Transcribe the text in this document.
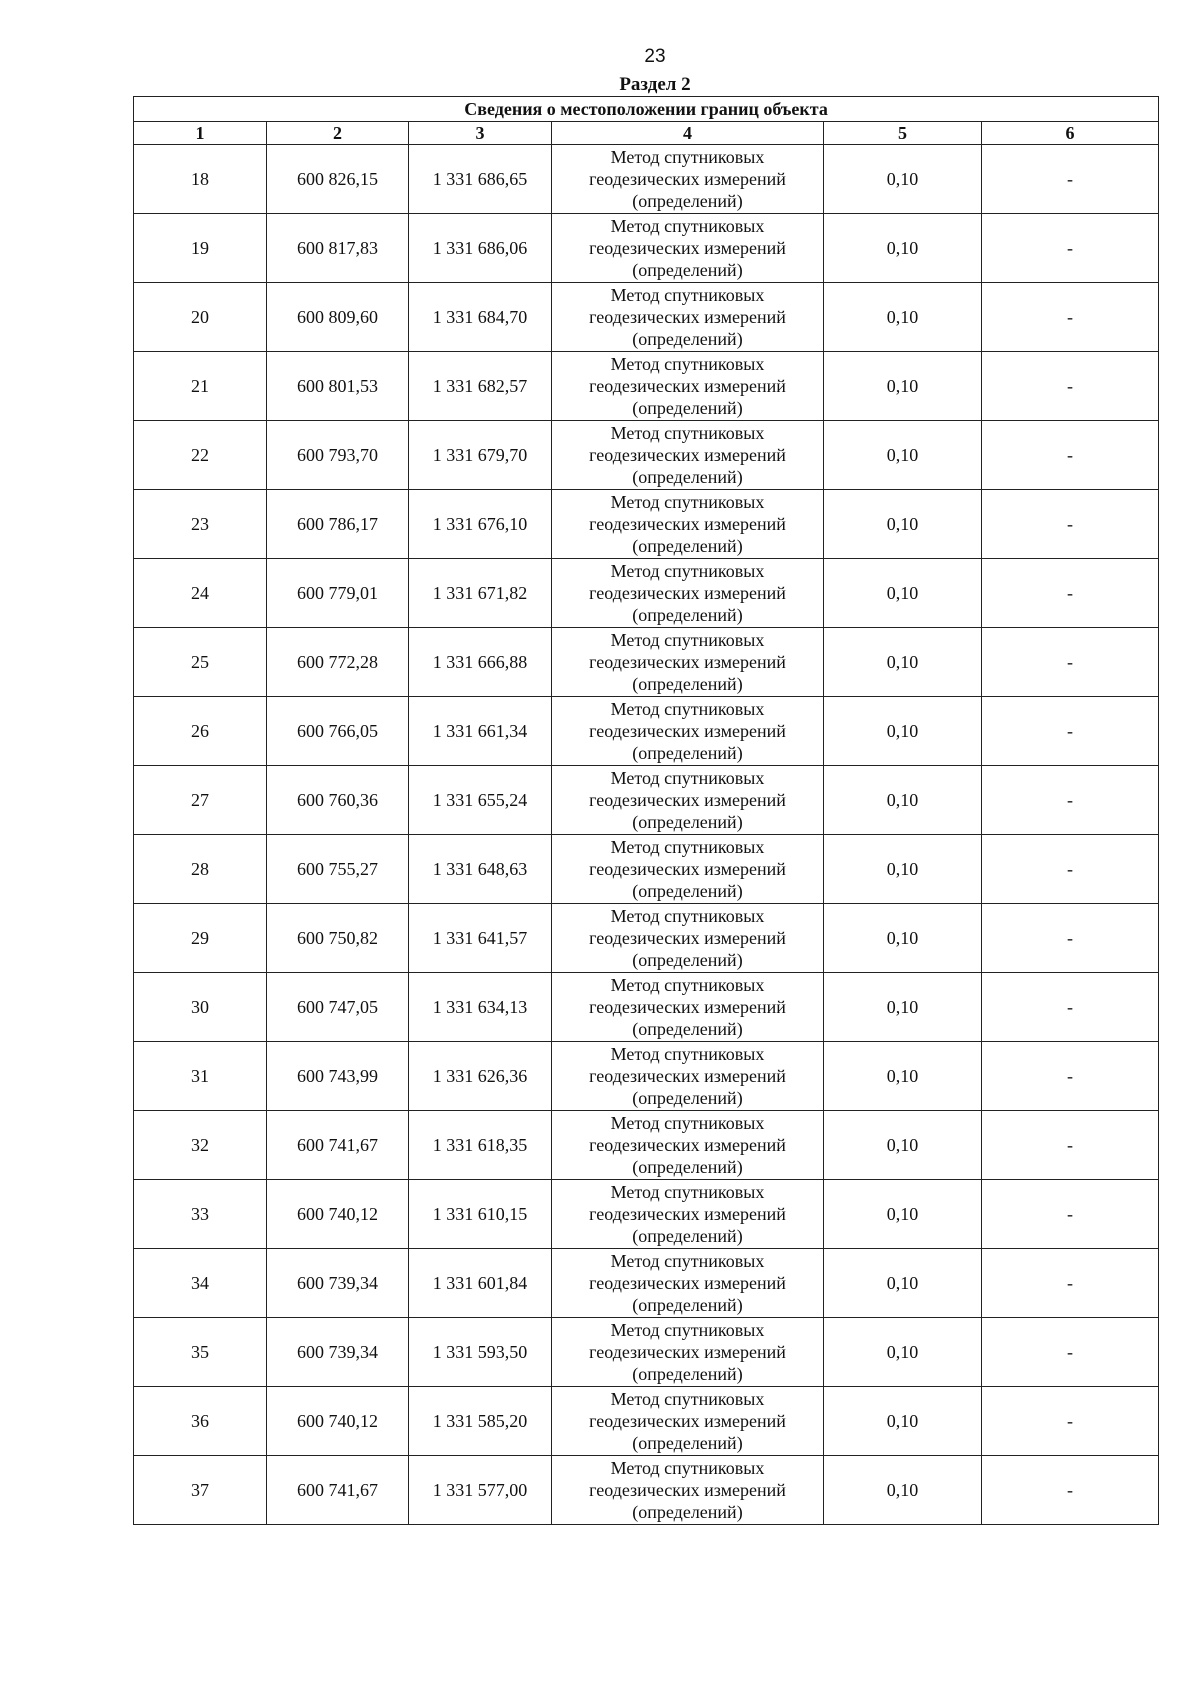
23
Раздел 2
Сведения о местоположении границ объекта					
1	2	3	4	5	6
18	600 826,15	1 331 686,65	Метод спутниковых
геодезических измерений
(определений)	0,10	-
19	600 817,83	1 331 686,06	Метод спутниковых
геодезических измерений
(определений)	0,10	-
20	600 809,60	1 331 684,70	Метод спутниковых
геодезических измерений
(определений)	0,10	-
21	600 801,53	1 331 682,57	Метод спутниковых
геодезических измерений
(определений)	0,10	-
22	600 793,70	1 331 679,70	Метод спутниковых
геодезических измерений
(определений)	0,10	-
23	600 786,17	1 331 676,10	Метод спутниковых
геодезических измерений
(определений)	0,10	-
24	600 779,01	1 331 671,82	Метод спутниковых
геодезических измерений
(определений)	0,10	-
25	600 772,28	1 331 666,88	Метод спутниковых
геодезических измерений
(определений)	0,10	-
26	600 766,05	1 331 661,34	Метод спутниковых
геодезических измерений
(определений)	0,10	-
27	600 760,36	1 331 655,24	Метод спутниковых
геодезических измерений
(определений)	0,10	-
28	600 755,27	1 331 648,63	Метод спутниковых
геодезических измерений
(определений)	0,10	-
29	600 750,82	1 331 641,57	Метод спутниковых
геодезических измерений
(определений)	0,10	-
30	600 747,05	1 331 634,13	Метод спутниковых
геодезических измерений
(определений)	0,10	-
31	600 743,99	1 331 626,36	Метод спутниковых
геодезических измерений
(определений)	0,10	-
32	600 741,67	1 331 618,35	Метод спутниковых
геодезических измерений
(определений)	0,10	-
33	600 740,12	1 331 610,15	Метод спутниковых
геодезических измерений
(определений)	0,10	-
34	600 739,34	1 331 601,84	Метод спутниковых
геодезических измерений
(определений)	0,10	-
35	600 739,34	1 331 593,50	Метод спутниковых
геодезических измерений
(определений)	0,10	-
36	600 740,12	1 331 585,20	Метод спутниковых
геодезических измерений
(определений)	0,10	-
37	600 741,67	1 331 577,00	Метод спутниковых
геодезических измерений
(определений)	0,10	-
